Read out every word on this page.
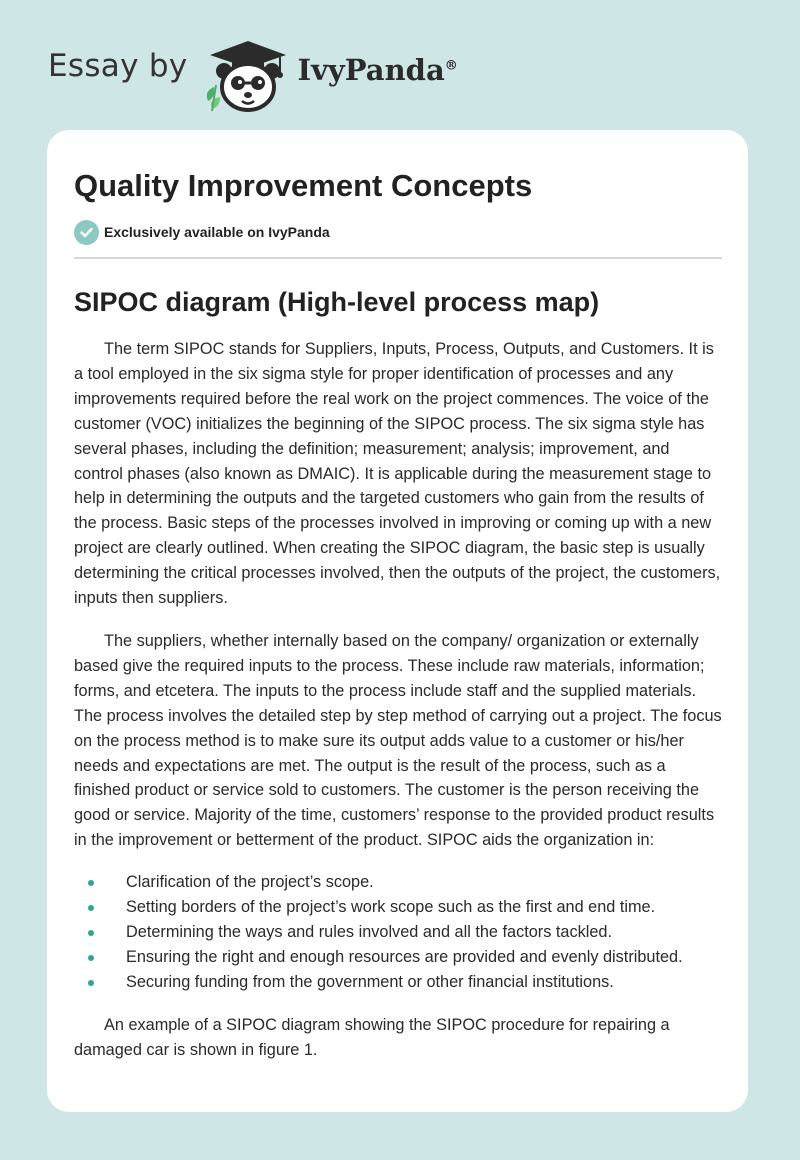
Essay by	IvyPanda®
Quality Improvement Concepts
Exclusively available on IvyPanda
SIPOC diagram (High-level process map)

The term SIPOC stands for Suppliers, Inputs, Process, Outputs, and Customers. It is a tool employed in the six sigma style for proper identification of processes and any improvements required before the real work on the project commences. The voice of the customer (VOC) initializes the beginning of the SIPOC process. The six sigma style has several phases, including the definition; measurement; analysis; improvement, and control phases (also known as DMAIC). It is applicable during the measurement stage to help in determining the outputs and the targeted customers who gain from the results of the process. Basic steps of the processes involved in improving or coming up with a new project are clearly outlined. When creating the SIPOC diagram, the basic step is usually determining the critical processes involved, then the outputs of the project, the customers, inputs then suppliers.

The suppliers, whether internally based on the company/ organization or externally based give the required inputs to the process. These include raw materials, information; forms, and etcetera. The inputs to the process include staff and the supplied materials. The process involves the detailed step by step method of carrying out a project. The focus on the process method is to make sure its output adds value to a customer or his/her needs and expectations are met. The output is the result of the process, such as a finished product or service sold to customers. The customer is the person receiving the good or service. Majority of the time, customers’ response to the provided product results in the improvement or betterment of the product. SIPOC aids the organization in:

Clarification of the project’s scope.
Setting borders of the project’s work scope such as the first and end time.
Determining the ways and rules involved and all the factors tackled.
Ensuring the right and enough resources are provided and evenly distributed.
Securing funding from the government or other financial institutions.

An example of a SIPOC diagram showing the SIPOC procedure for repairing a damaged car is shown in figure 1.
